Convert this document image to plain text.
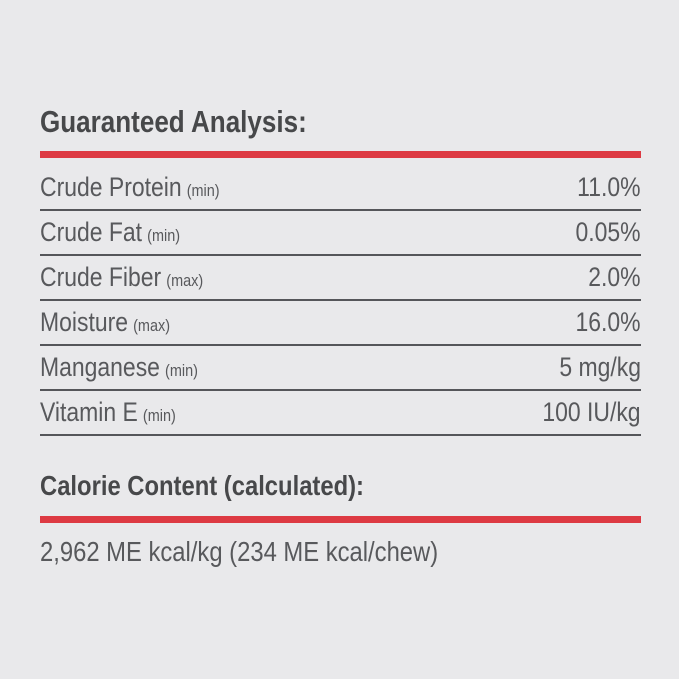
Guaranteed Analysis:
Crude Protein (min)	11.0%
Crude Fat (min)	0.05%
Crude Fiber (max)	2.0%
Moisture (max)	16.0%
Manganese (min)	5 mg/kg
Vitamin E (min)	100 IU/kg
Calorie Content (calculated):
2,962 ME kcal/kg (234 ME kcal/chew)
